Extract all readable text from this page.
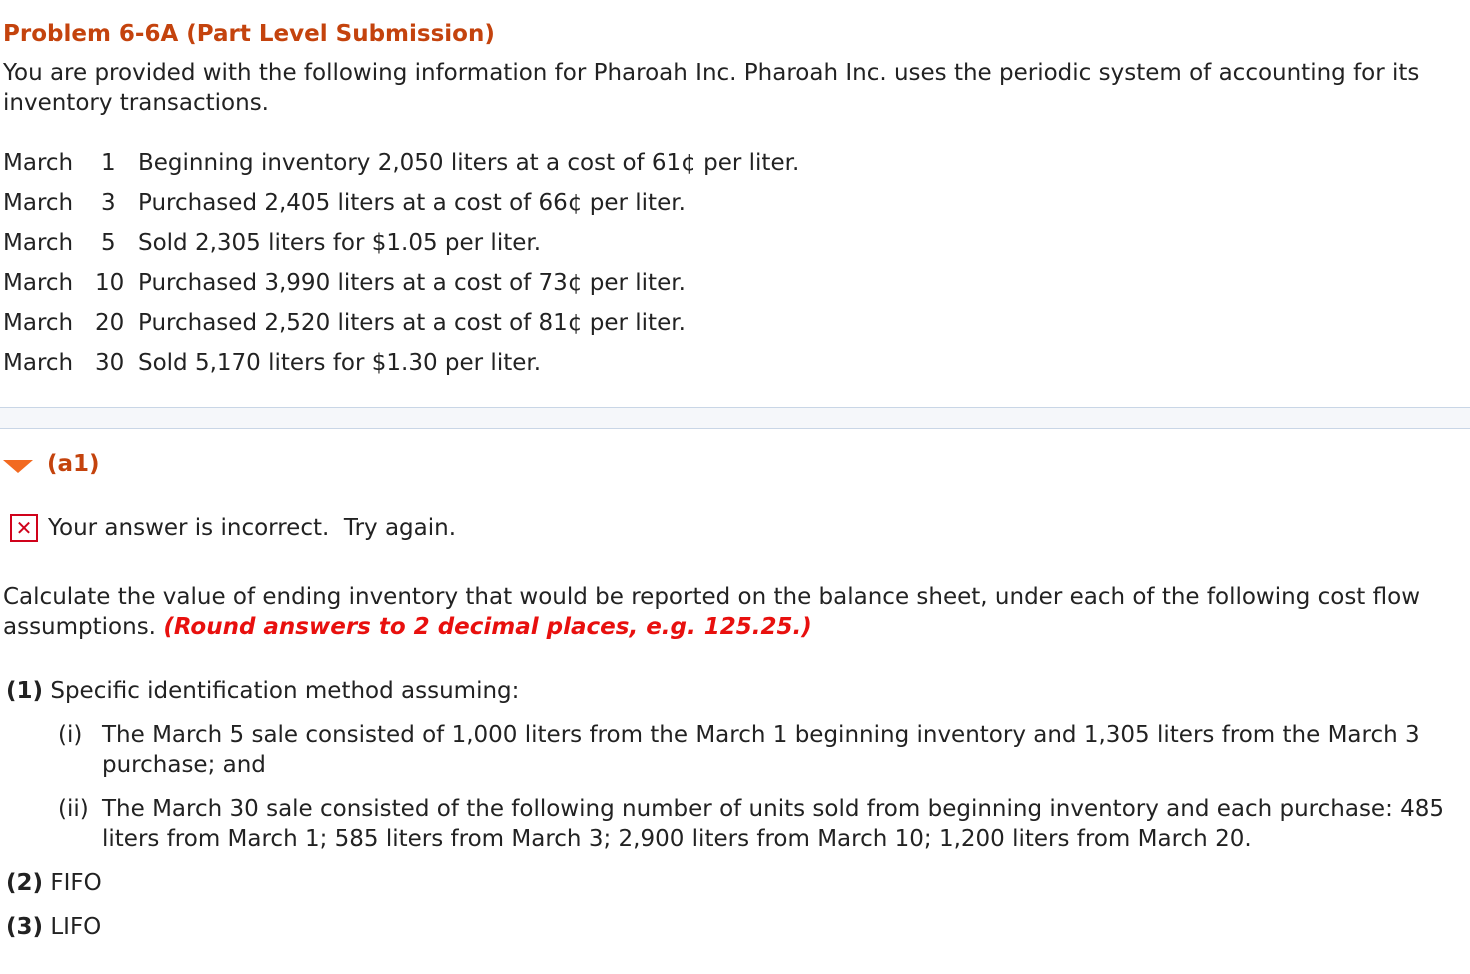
Problem 6-6A (Part Level Submission)
You are provided with the following information for Pharoah Inc. Pharoah Inc. uses the periodic system of accounting for its inventory transactions.
March	1	Beginning inventory 2,050 liters at a cost of 61¢ per liter.
March	3	Purchased 2,405 liters at a cost of 66¢ per liter.
March	5	Sold 2,305 liters for $1.05 per liter.
March	10	Purchased 3,990 liters at a cost of 73¢ per liter.
March	20	Purchased 2,520 liters at a cost of 81¢ per liter.
March	30	Sold 5,170 liters for $1.30 per liter.
(a1)
✕ Your answer is incorrect.  Try again.
Calculate the value of ending inventory that would be reported on the balance sheet, under each of the following cost flow assumptions. (Round answers to 2 decimal places, e.g. 125.25.)
(1) Specific identification method assuming:
(i) The March 5 sale consisted of 1,000 liters from the March 1 beginning inventory and 1,305 liters from the March 3 purchase; and
(ii) The March 30 sale consisted of the following number of units sold from beginning inventory and each purchase: 485 liters from March 1; 585 liters from March 3; 2,900 liters from March 10; 1,200 liters from March 20.
(2) FIFO
(3) LIFO
